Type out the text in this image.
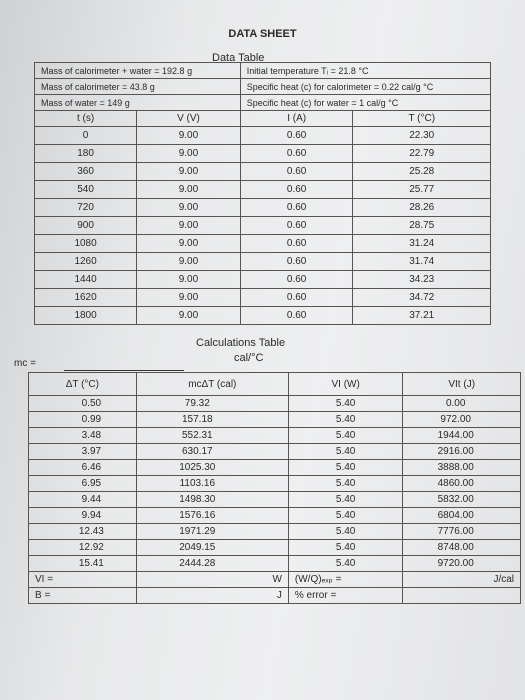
DATA SHEET
Data Table
Mass of calorimeter + water = 192.8 g		Initial temperature Tᵢ = 21.8 °C	
Mass of calorimeter = 43.8 g		Specific heat (c) for calorimeter = 0.22 cal/g °C	
Mass of water = 149 g		Specific heat (c) for water = 1 cal/g °C	
t (s)	V (V)	I (A)	T (°C)
0	9.00	0.60	22.30
180	9.00	0.60	22.79
360	9.00	0.60	25.28
540	9.00	0.60	25.77
720	9.00	0.60	28.26
900	9.00	0.60	28.75
1080	9.00	0.60	31.24
1260	9.00	0.60	31.74
1440	9.00	0.60	34.23
1620	9.00	0.60	34.72
1800	9.00	0.60	37.21
Calculations Table
cal/°C
mc =
ΔT (°C)	mcΔT (cal)	VI (W)	VIt (J)
0.50	79.32	5.40	0.00
0.99	157.18	5.40	972.00
3.48	552.31	5.40	1944.00
3.97	630.17	5.40	2916.00
6.46	1025.30	5.40	3888.00
6.95	1103.16	5.40	4860.00
9.44	1498.30	5.40	5832.00
9.94	1576.16	5.40	6804.00
12.43	1971.29	5.40	7776.00
12.92	2049.15	5.40	8748.00
15.41	2444.28	5.40	9720.00
VI =	W	(W/Q)ₑₓₚ =	J/cal
B =	J	% error =	
